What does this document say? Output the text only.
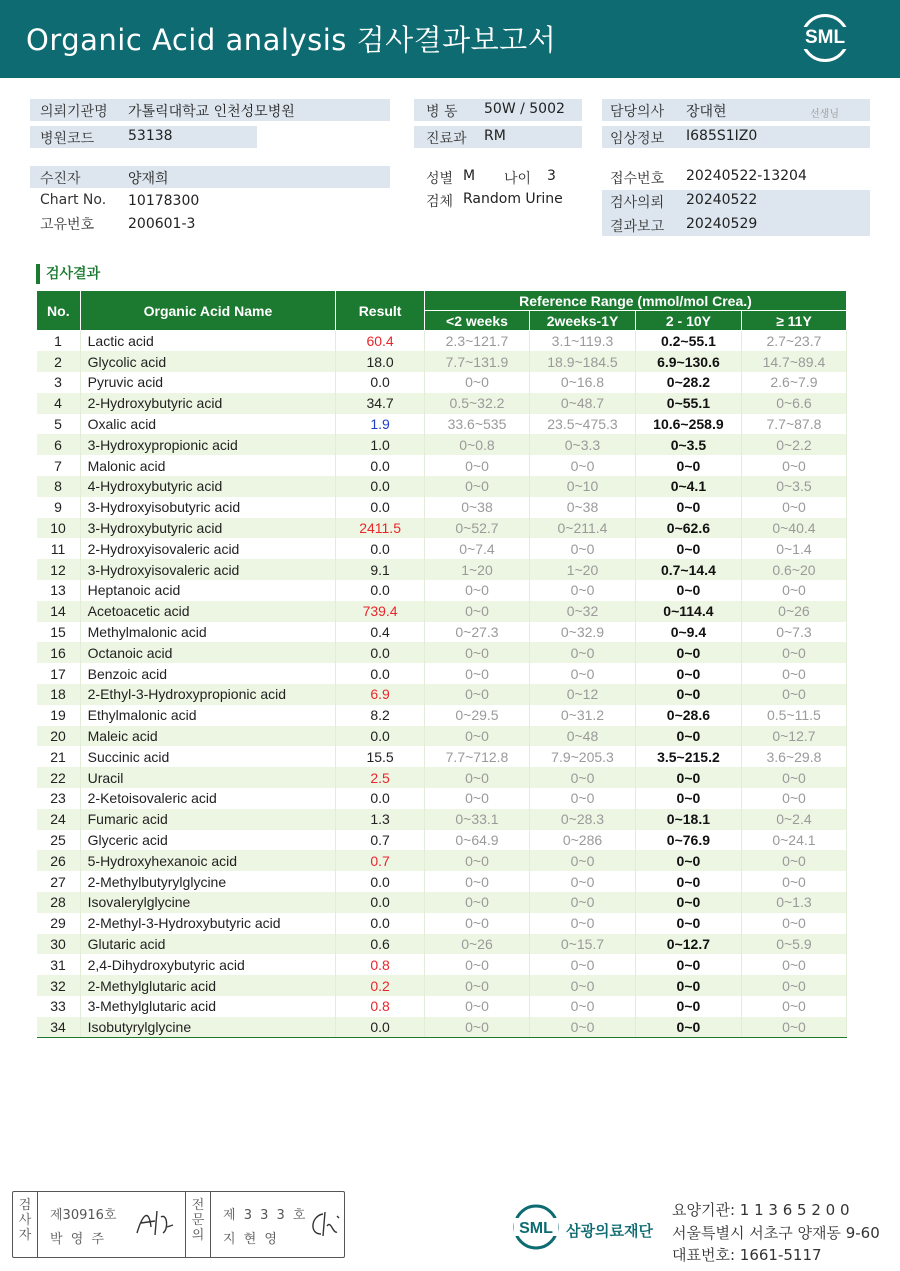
Organic Acid analysis 검사결과보고서	SML
의뢰기관명 가톨릭대학교 인천성모병원
병원코드 53138
병 동 50W / 5002
진료과 RM
담당의사 장대현	선생님
임상정보 I685S1IZ0
수진자	양재희
Chart No. 10178300
고유번호 200601-3
성별 M 나이 3
검체 Random Urine
접수번호 20240522-13204
검사의뢰 20240522
결과보고 20240529
검사결과
No.	Organic Acid Name	Result	Reference Range (mmol/mol Crea.)			
			<2 weeks	2weeks-1Y	2 - 10Y	≥ 11Y
1	Lactic acid	60.4	2.3~121.7	3.1~119.3	0.2~55.1	2.7~23.7
2	Glycolic acid	18.0	7.7~131.9	18.9~184.5	6.9~130.6	14.7~89.4
3	Pyruvic acid	0.0	0~0	0~16.8	0~28.2	2.6~7.9
4	2-Hydroxybutyric acid	34.7	0.5~32.2	0~48.7	0~55.1	0~6.6
5	Oxalic acid	1.9	33.6~535	23.5~475.3	10.6~258.9	7.7~87.8
6	3-Hydroxypropionic acid	1.0	0~0.8	0~3.3	0~3.5	0~2.2
7	Malonic acid	0.0	0~0	0~0	0~0	0~0
8	4-Hydroxybutyric acid	0.0	0~0	0~10	0~4.1	0~3.5
9	3-Hydroxyisobutyric acid	0.0	0~38	0~38	0~0	0~0
10	3-Hydroxybutyric acid	2411.5	0~52.7	0~211.4	0~62.6	0~40.4
11	2-Hydroxyisovaleric acid	0.0	0~7.4	0~0	0~0	0~1.4
12	3-Hydroxyisovaleric acid	9.1	1~20	1~20	0.7~14.4	0.6~20
13	Heptanoic acid	0.0	0~0	0~0	0~0	0~0
14	Acetoacetic acid	739.4	0~0	0~32	0~114.4	0~26
15	Methylmalonic acid	0.4	0~27.3	0~32.9	0~9.4	0~7.3
16	Octanoic acid	0.0	0~0	0~0	0~0	0~0
17	Benzoic acid	0.0	0~0	0~0	0~0	0~0
18	2-Ethyl-3-Hydroxypropionic acid	6.9	0~0	0~12	0~0	0~0
19	Ethylmalonic acid	8.2	0~29.5	0~31.2	0~28.6	0.5~11.5
20	Maleic acid	0.0	0~0	0~48	0~0	0~12.7
21	Succinic acid	15.5	7.7~712.8	7.9~205.3	3.5~215.2	3.6~29.8
22	Uracil	2.5	0~0	0~0	0~0	0~0
23	2-Ketoisovaleric acid	0.0	0~0	0~0	0~0	0~0
24	Fumaric acid	1.3	0~33.1	0~28.3	0~18.1	0~2.4
25	Glyceric acid	0.7	0~64.9	0~286	0~76.9	0~24.1
26	5-Hydroxyhexanoic acid	0.7	0~0	0~0	0~0	0~0
27	2-Methylbutyrylglycine	0.0	0~0	0~0	0~0	0~0
28	Isovalerylglycine	0.0	0~0	0~0	0~0	0~1.3
29	2-Methyl-3-Hydroxybutyric acid	0.0	0~0	0~0	0~0	0~0
30	Glutaric acid	0.6	0~26	0~15.7	0~12.7	0~5.9
31	2,4-Dihydroxybutyric acid	0.8	0~0	0~0	0~0	0~0
32	2-Methylglutaric acid	0.2	0~0	0~0	0~0	0~0
33	3-Methylglutaric acid	0.8	0~0	0~0	0~0	0~0
34	Isobutyrylglycine	0.0	0~0	0~0	0~0	0~0
검
사
자
제30916호
박 영 주
전
문
의
제 3 3 3 호
지 현 영
SML 삼광의료재단
요양기관: 1 1 3 6 5 2 0 0
서울특별시 서초구 양재동 9-60
대표번호: 1661-5117
